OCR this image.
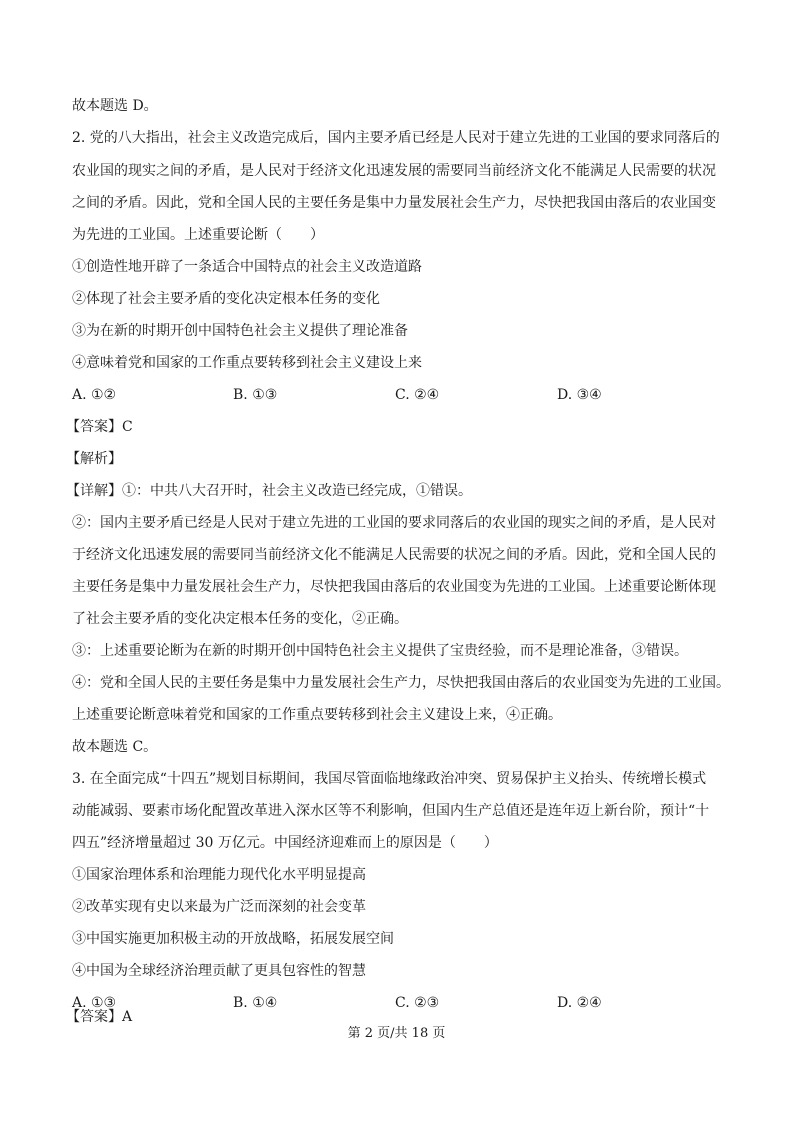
故本题选 D。
2. 党的八大指出，社会主义改造完成后，国内主要矛盾已经是人民对于建立先进的工业国的要求同落后的
农业国的现实之间的矛盾，是人民对于经济文化迅速发展的需要同当前经济文化不能满足人民需要的状况
之间的矛盾。因此，党和全国人民的主要任务是集中力量发展社会生产力，尽快把我国由落后的农业国变
为先进的工业国。上述重要论断（　　）
①创造性地开辟了一条适合中国特点的社会主义改造道路
②体现了社会主要矛盾的变化决定根本任务的变化
③为在新的时期开创中国特色社会主义提供了理论准备
④意味着党和国家的工作重点要转移到社会主义建设上来
A. ①②	B. ①③	C. ②④	D. ③④
【答案】C
【解析】
【详解】①：中共八大召开时，社会主义改造已经完成，①错误。
②：国内主要矛盾已经是人民对于建立先进的工业国的要求同落后的农业国的现实之间的矛盾，是人民对
于经济文化迅速发展的需要同当前经济文化不能满足人民需要的状况之间的矛盾。因此，党和全国人民的
主要任务是集中力量发展社会生产力，尽快把我国由落后的农业国变为先进的工业国。上述重要论断体现
了社会主要矛盾的变化决定根本任务的变化，②正确。
③：上述重要论断为在新的时期开创中国特色社会主义提供了宝贵经验，而不是理论准备，③错误。
④：党和全国人民的主要任务是集中力量发展社会生产力，尽快把我国由落后的农业国变为先进的工业国。
上述重要论断意味着党和国家的工作重点要转移到社会主义建设上来，④正确。
故本题选 C。
3. 在全面完成“十四五”规划目标期间，我国尽管面临地缘政治冲突、贸易保护主义抬头、传统增长模式
动能减弱、要素市场化配置改革进入深水区等不利影响，但国内生产总值还是连年迈上新台阶，预计“十
四五”经济增量超过 30 万亿元。中国经济迎难而上的原因是（　　）
①国家治理体系和治理能力现代化水平明显提高
②改革实现有史以来最为广泛而深刻的社会变革
③中国实施更加积极主动的开放战略，拓展发展空间
④中国为全球经济治理贡献了更具包容性的智慧
A. ①③	B. ①④	C. ②③	D. ②④
【答案】A
第 2 页/共 18 页
